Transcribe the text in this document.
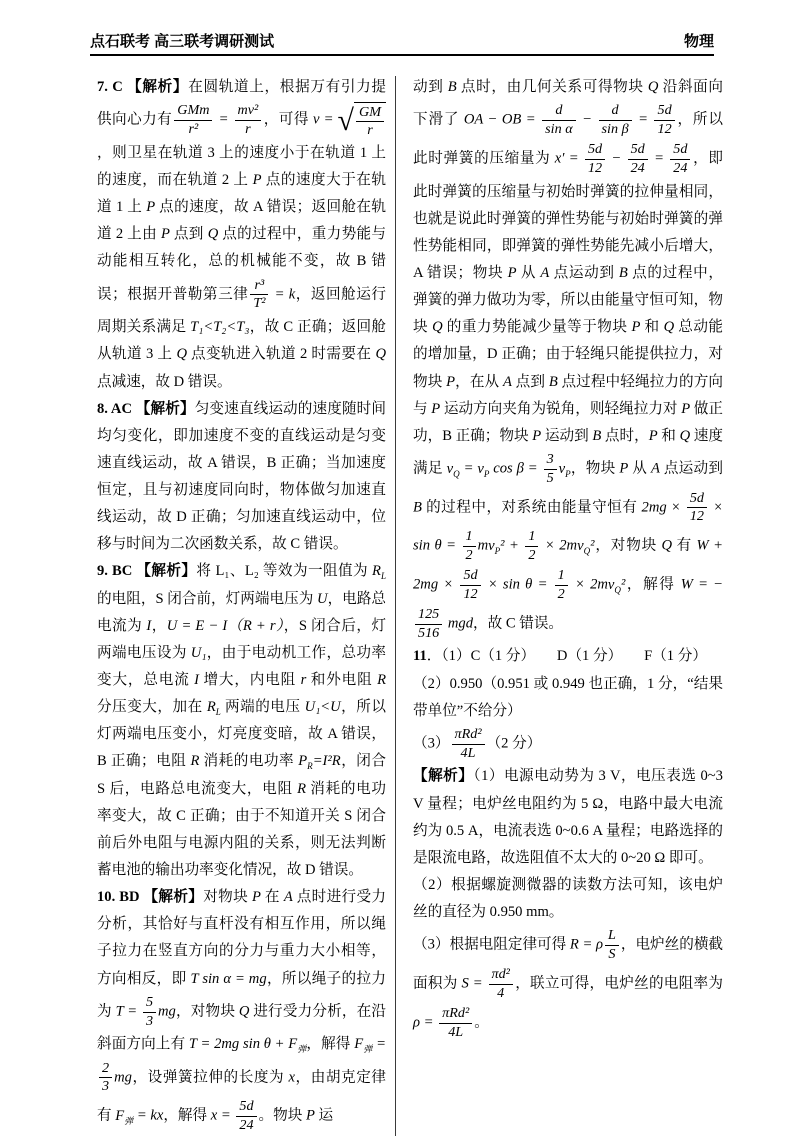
点石联考 高三联考调研测试	物理

7. C 【解析】在圆轨道上，根据万有引力提供向心力有 $\frac{\text{GMm}}{\text{r²}} = \frac{\text{mv²}}{r}$ ，可得 v = √ $\frac{GM}{r}$
，则卫星在轨道 3 上的速度小于在轨道 1 上的速度，而在轨道 2 上 P 点的速度大于在轨道 1 上 P 点的速度，故 A 错误；返回舱在轨道 2 上由 P 点到 Q 点的过程中，重力势能与动能相互转化，总的机械能不变，故 B 错误；根据开普勒第三律 $\frac{\text{r³}}{\text{T²}} = k$，返回舱运行周期关系满足 T₁<T₂<T₃，故 C 正确；返回舱从轨道 3 上 Q 点变轨进入轨道 2 时需要在 Q 点减速，故 D 错误。

8. AC 【解析】匀变速直线运动的速度随时间均匀变化，即加速度不变的直线运动是匀变速直线运动，故 A 错误，B 正确；当加速度恒定，且与初速度同向时，物体做匀加速直线运动，故 D 正确；匀加速直线运动中，位移与时间为二次函数关系，故 C 错误。

9. BC 【解析】将 L₁、L₂ 等效为一阻值为 $R_L$ 的电阻，S 闭合前，灯两端电压为 U，电路总电流为 I，U = E − I（R + r），S 闭合后，灯两端电压设为 U₁，由于电动机工作，总功率变大，总电流 I 增大，内电阻 r 和外电阻 R 分压变大，加在 $R_L$ 两端的电压 U₁<U，所以灯两端电压变小，灯亮度变暗，故 A 错误，B 正确；电阻 R 消耗的电功率 $P_R=I^2R$，闭合 S 后，电路总电流变大，电阻 R 消耗的电功率变大，故 C 正确；由于不知道开关 S 闭合前后外电阻与电源内阻的关系，则无法判断蓄电池的输出功率变化情况，故 D 错误。

10. BD 【解析】对物块 P 在 A 点时进行受力分析，其恰好与直杆没有相互作用，所以绳子拉力在竖直方向的分力与重力大小相等，方向相反，即 T sin α = mg，所以绳子的拉力为 $T = \frac{5}{3}$ mg，对物块 Q 进行受力分析，在沿斜面方向上有 T = 2mg $\sin \theta + F_弹$，解得 $F_弹$ =
$\frac{2}{3}$ mg，设弹簧拉伸的长度为 x，由胡克定律有 $F_弹$ = kx，解得 $x = \frac{5d}{24}$ 。物块 P 运

动到 B 点时，由几何关系可得物块 Q 沿斜面向下滑了 OA − OB = $\frac{d}{\text{sin α}} - \frac{d}{\text{sin β}} = \frac{5d}{12}$ ，所以此时弹簧的压缩量为 $x' = \frac{5d}{12} - \frac{5d}{24} = \frac{5d}{24}$ ，即此时弹簧的压缩量与初始时弹簧的拉伸量相同，也就是说此时弹簧的弹性势能与初始时弹簧的弹性势能相同，即弹簧的弹性势能先减小后增大，A 错误；物块 P 从 A 点运动到 B 点的过程中，弹簧的弹力做功为零，所以由能量守恒可知，物块 Q 的重力势能减少量等于物块 P 和 Q 总动能的增加量，D 正确；由于轻绳只能提供拉力，对物块 P，在从 A 点到 B 点过程中轻绳拉力的方向与 P 运动方向夹角为锐角，则轻绳拉力对 P 做正功，B 正确；物块 P 运动到 B 点时，P 和 Q 速度满足 $v_Q = v_P$ $\cos \beta = \frac{3}{5} v_P$，物块 P 从 A 点运动到 B 的过程中，对系统由能量守恒有 $2mg \times \frac{5d}{12} \times \sin \theta = \frac{1}{2} mv_P^2 + \frac{1}{2} \times 2mv_Q^2$，对物块 Q 有 $W + 2mg \times \frac{5d}{12} \times \sin \theta = \frac{1}{2} \times 2mv_Q^2$，解得 W = −
$\frac{125}{516}$ mgd，故 C 错误。

11．（1）C（1 分）　　D（1 分）　　F（1 分）

（2）0.950（0.951 或 0.949 也正确，1 分，“结果带单位”不给分）

$(3) \frac{\text{πRd²}}{4L} (2$ 分）

【解析】（1）电源电动势为 3 V，电压表选 0~3 V 量程；电炉丝电阻约为 5 Ω，电路中最大电流约为 0.5 A，电流表选 0~0.6 A 量程；电路选择的是限流电路，故选阻值不太大的 0~20 Ω 即可。

（2）根据螺旋测微器的读数方法可知，该电炉丝的直径为 0.950 mm。

（3）根据电阻定律可得 R = ρ $\frac{L}{S}$ ，电炉丝的横截面积为 $S = \frac{\text{πd²}}{4}$ ，联立可得，电炉丝的电阻率为 $\rho = \frac{\text{πRd²}}{4L}$ 。
